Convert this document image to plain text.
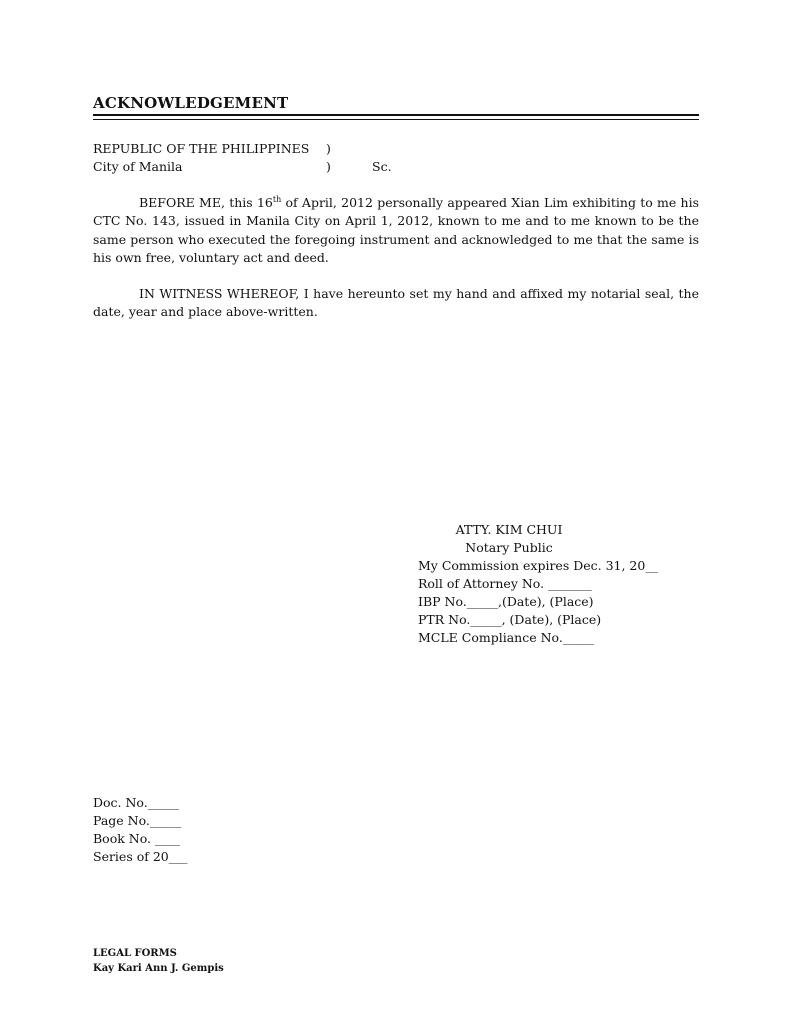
ACKNOWLEDGEMENT
REPUBLIC OF THE PHILIPPINES )
City of Manila	)	Sc.
BEFORE ME, this 16th of April, 2012 personally appeared Xian Lim exhibiting to me his CTC No. 143, issued in Manila City on April 1, 2012, known to me and to me known to be the same person who executed the foregoing instrument and acknowledged to me that the same is his own free, voluntary act and deed.
IN WITNESS WHEREOF, I have hereunto set my hand and affixed my notarial seal, the date, year and place above-written.
ATTY. KIM CHUI
Notary Public
My Commission expires Dec. 31, 20__
Roll of Attorney No. _______
IBP No._____,(Date), (Place)
PTR No._____, (Date), (Place)
MCLE Compliance No._____
Doc. No._____
Page No._____
Book No. ____
Series of 20___
LEGAL FORMS
Kay Kari Ann J. Gempis
